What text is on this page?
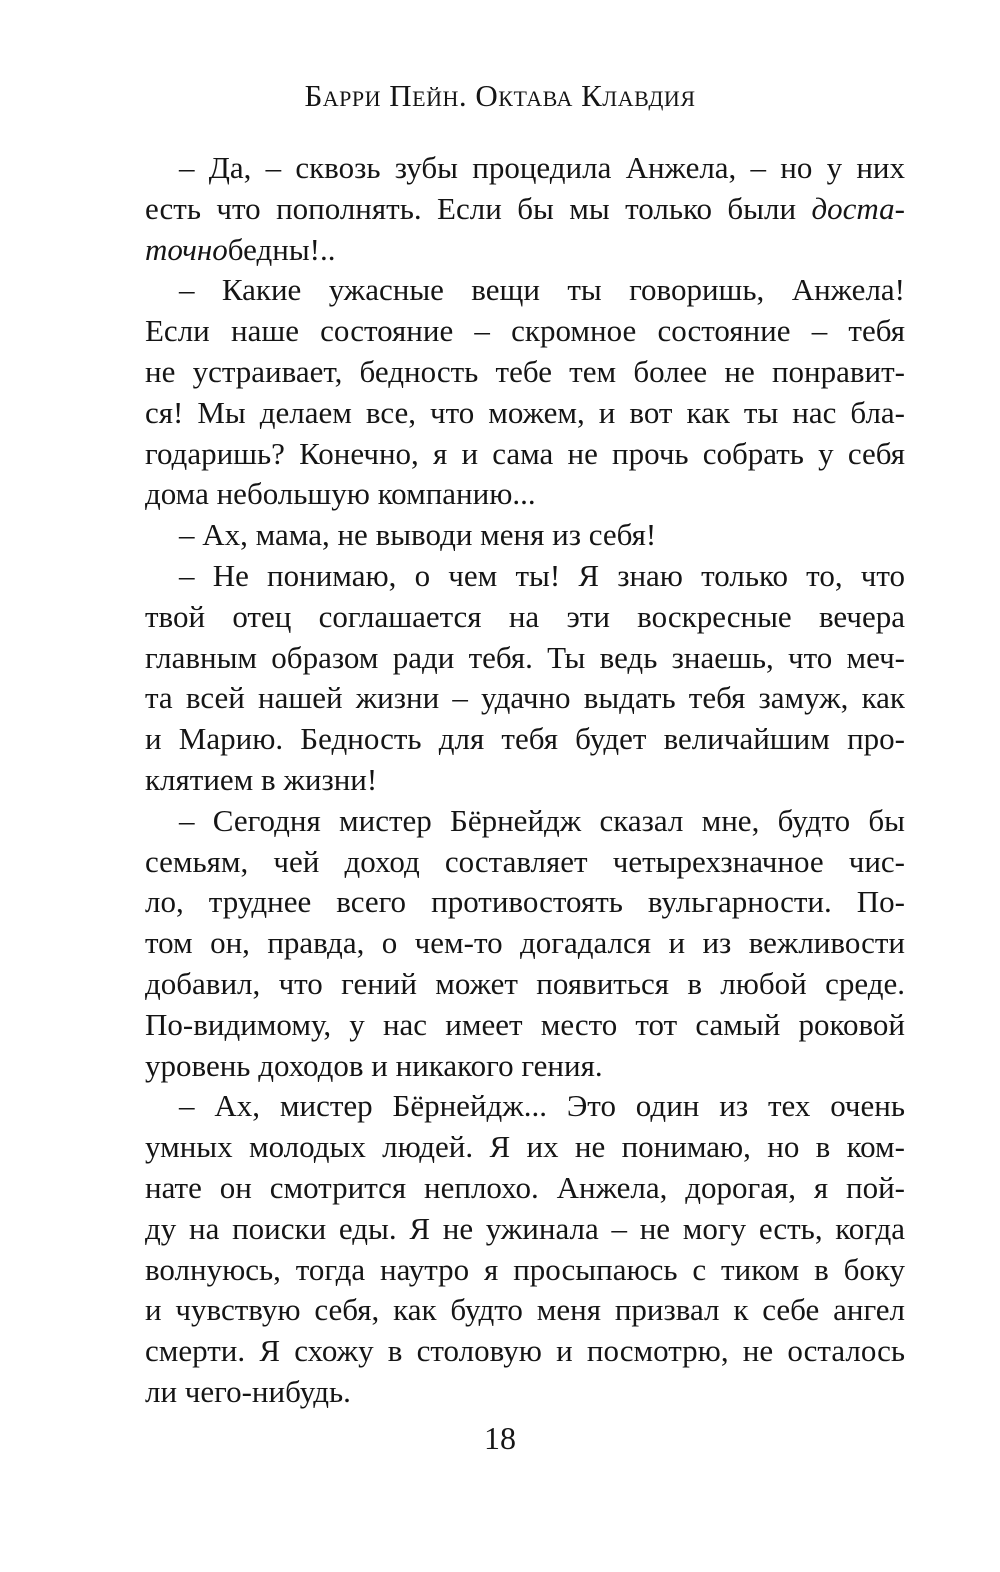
Барри Пейн. Октава Клавдия
– Да, – сквозь зубы процедила Анжела, – но у них
есть что пополнять. Если бы мы только были доста-
точнобедны!..
– Какие ужасные вещи ты говоришь, Анжела!
Если наше состояние – скромное состояние – тебя
не устраивает, бедность тебе тем более не понравит-
ся! Мы делаем все, что можем, и вот как ты нас бла-
годаришь? Конечно, я и сама не прочь собрать у себя
дома небольшую компанию...
– Ах, мама, не выводи меня из себя!
– Не понимаю, о чем ты! Я знаю только то, что
твой отец соглашается на эти воскресные вечера
главным образом ради тебя. Ты ведь знаешь, что меч-
та всей нашей жизни – удачно выдать тебя замуж, как
и Марию. Бедность для тебя будет величайшим про-
клятием в жизни!
– Сегодня мистер Бёрнейдж сказал мне, будто бы
семьям, чей доход составляет четырехзначное чис-
ло, труднее всего противостоять вульгарности. По-
том он, правда, о чем-то догадался и из вежливости
добавил, что гений может появиться в любой среде.
По-видимому, у нас имеет место тот самый роковой
уровень доходов и никакого гения.
– Ах, мистер Бёрнейдж... Это один из тех очень
умных молодых людей. Я их не понимаю, но в ком-
нате он смотрится неплохо. Анжела, дорогая, я пой-
ду на поиски еды. Я не ужинала – не могу есть, когда
волнуюсь, тогда наутро я просыпаюсь с тиком в боку
и чувствую себя, как будто меня призвал к себе ангел
смерти. Я схожу в столовую и посмотрю, не осталось
ли чего-нибудь.
18
